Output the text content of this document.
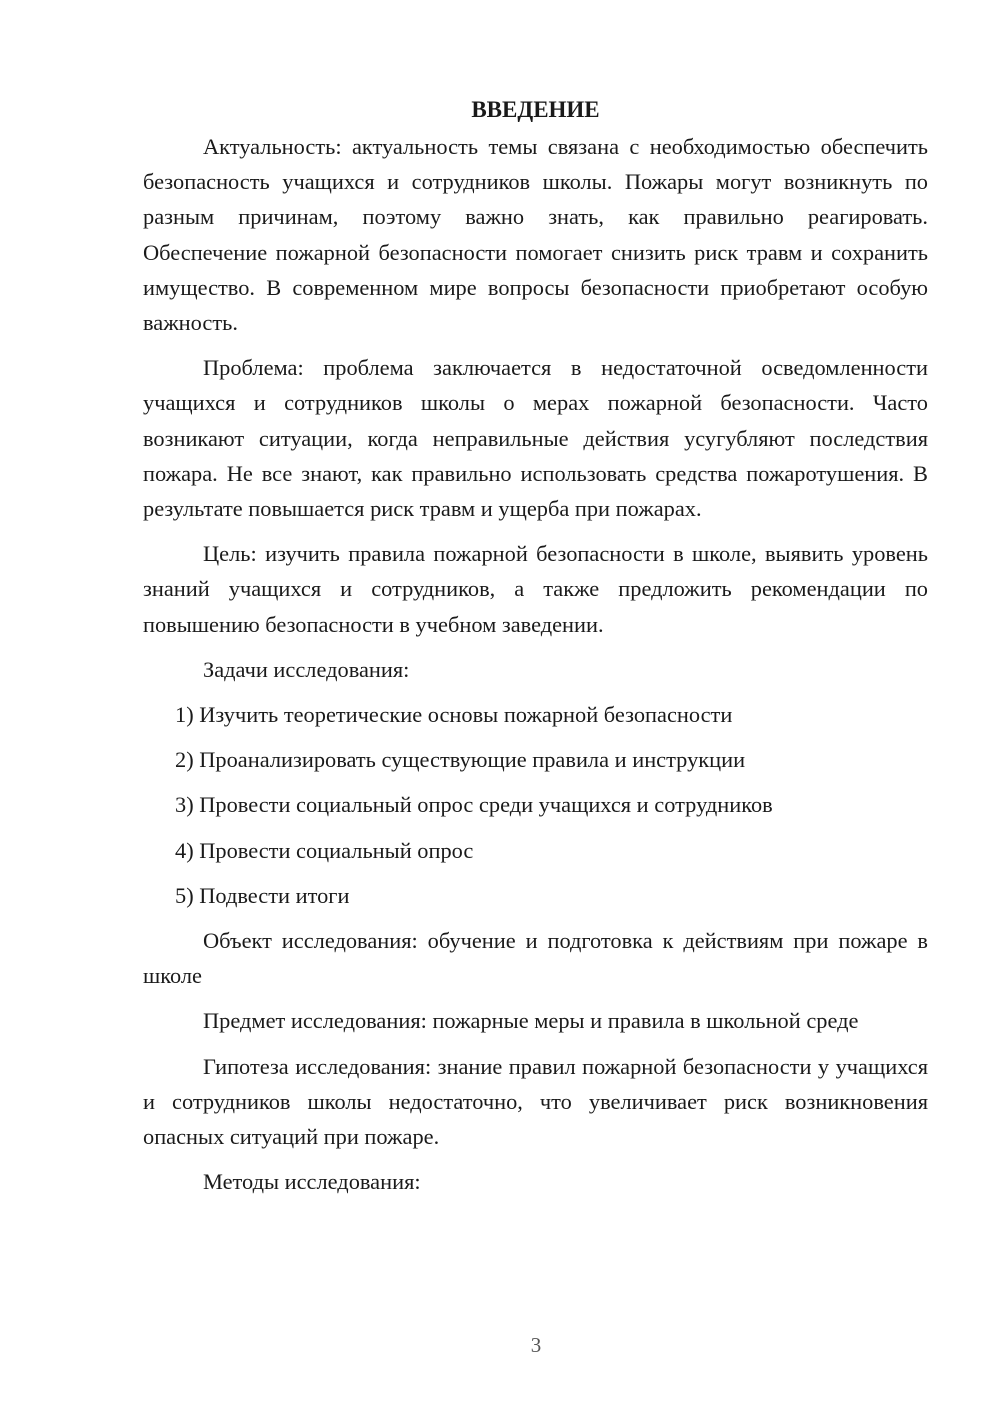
ВВЕДЕНИЕ

Актуальность: актуальность темы связана с необходимостью обеспечить безопасность учащихся и сотрудников школы. Пожары могут возникнуть по разным причинам, поэтому важно знать, как правильно реагировать. Обеспечение пожарной безопасности помогает снизить риск травм и сохранить имущество. В современном мире вопросы безопасности приобретают особую важность.

Проблема: проблема заключается в недостаточной осведомленности учащихся и сотрудников школы о мерах пожарной безопасности. Часто возникают ситуации, когда неправильные действия усугубляют последствия пожара. Не все знают, как правильно использовать средства пожаротушения. В результате повышается риск травм и ущерба при пожарах.

Цель: изучить правила пожарной безопасности в школе, выявить уровень знаний учащихся и сотрудников, а также предложить рекомендации по повышению безопасности в учебном заведении.

Задачи исследования:

1) Изучить теоретические основы пожарной безопасности
2) Проанализировать существующие правила и инструкции
3) Провести социальный опрос среди учащихся и сотрудников
4) Провести социальный опрос
5) Подвести итоги

Объект исследования: обучение и подготовка к действиям при пожаре в школе

Предмет исследования: пожарные меры и правила в школьной среде

Гипотеза исследования: знание правил пожарной безопасности у учащихся и сотрудников школы недостаточно, что увеличивает риск возникновения опасных ситуаций при пожаре.

Методы исследования:

3
